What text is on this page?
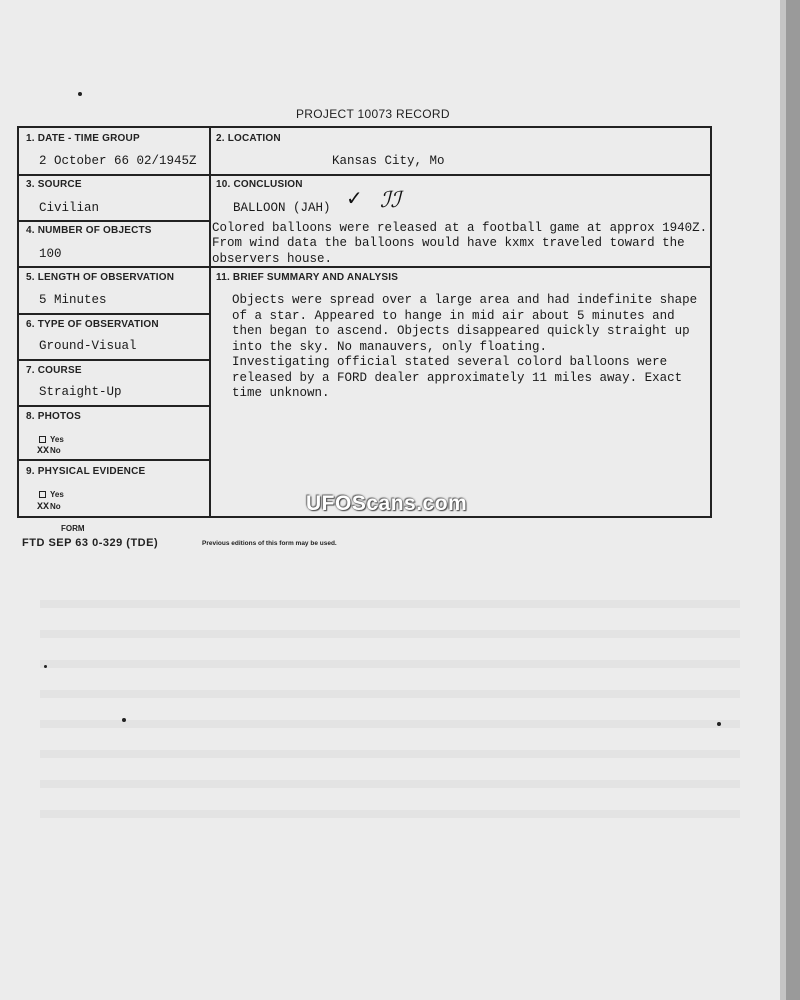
PROJECT 10073 RECORD
1. DATE - TIME GROUP
2 October 66 02/1945Z
3. SOURCE
Civilian
4. NUMBER OF OBJECTS
100
5. LENGTH OF OBSERVATION
5 Minutes
6. TYPE OF OBSERVATION
Ground-Visual
7. COURSE
Straight-Up
8. PHOTOS
Yes
XXNo
9. PHYSICAL EVIDENCE
Yes
XXNo
2. LOCATION
Kansas City, Mo
10. CONCLUSION
BALLOON (JAH)
Colored balloons were released at a football game at approx 1940Z.
From wind data the balloons would have kxmx traveled toward the
observers house.
11. BRIEF SUMMARY AND ANALYSIS
Objects were spread over a large area and had indefinite shape
of a star. Appeared to hange in mid air about 5 minutes and
then began to ascend. Objects disappeared quickly straight up
into the sky. No manauvers, only floating.
Investigating official stated several colord balloons were
released by a FORD dealer approximately 11 miles away. Exact
time unknown.
✓ ℐℐ
FORM
FTD SEP 63 0-329 (TDE)	Previous editions of this form may be used.
UFOScans.com
